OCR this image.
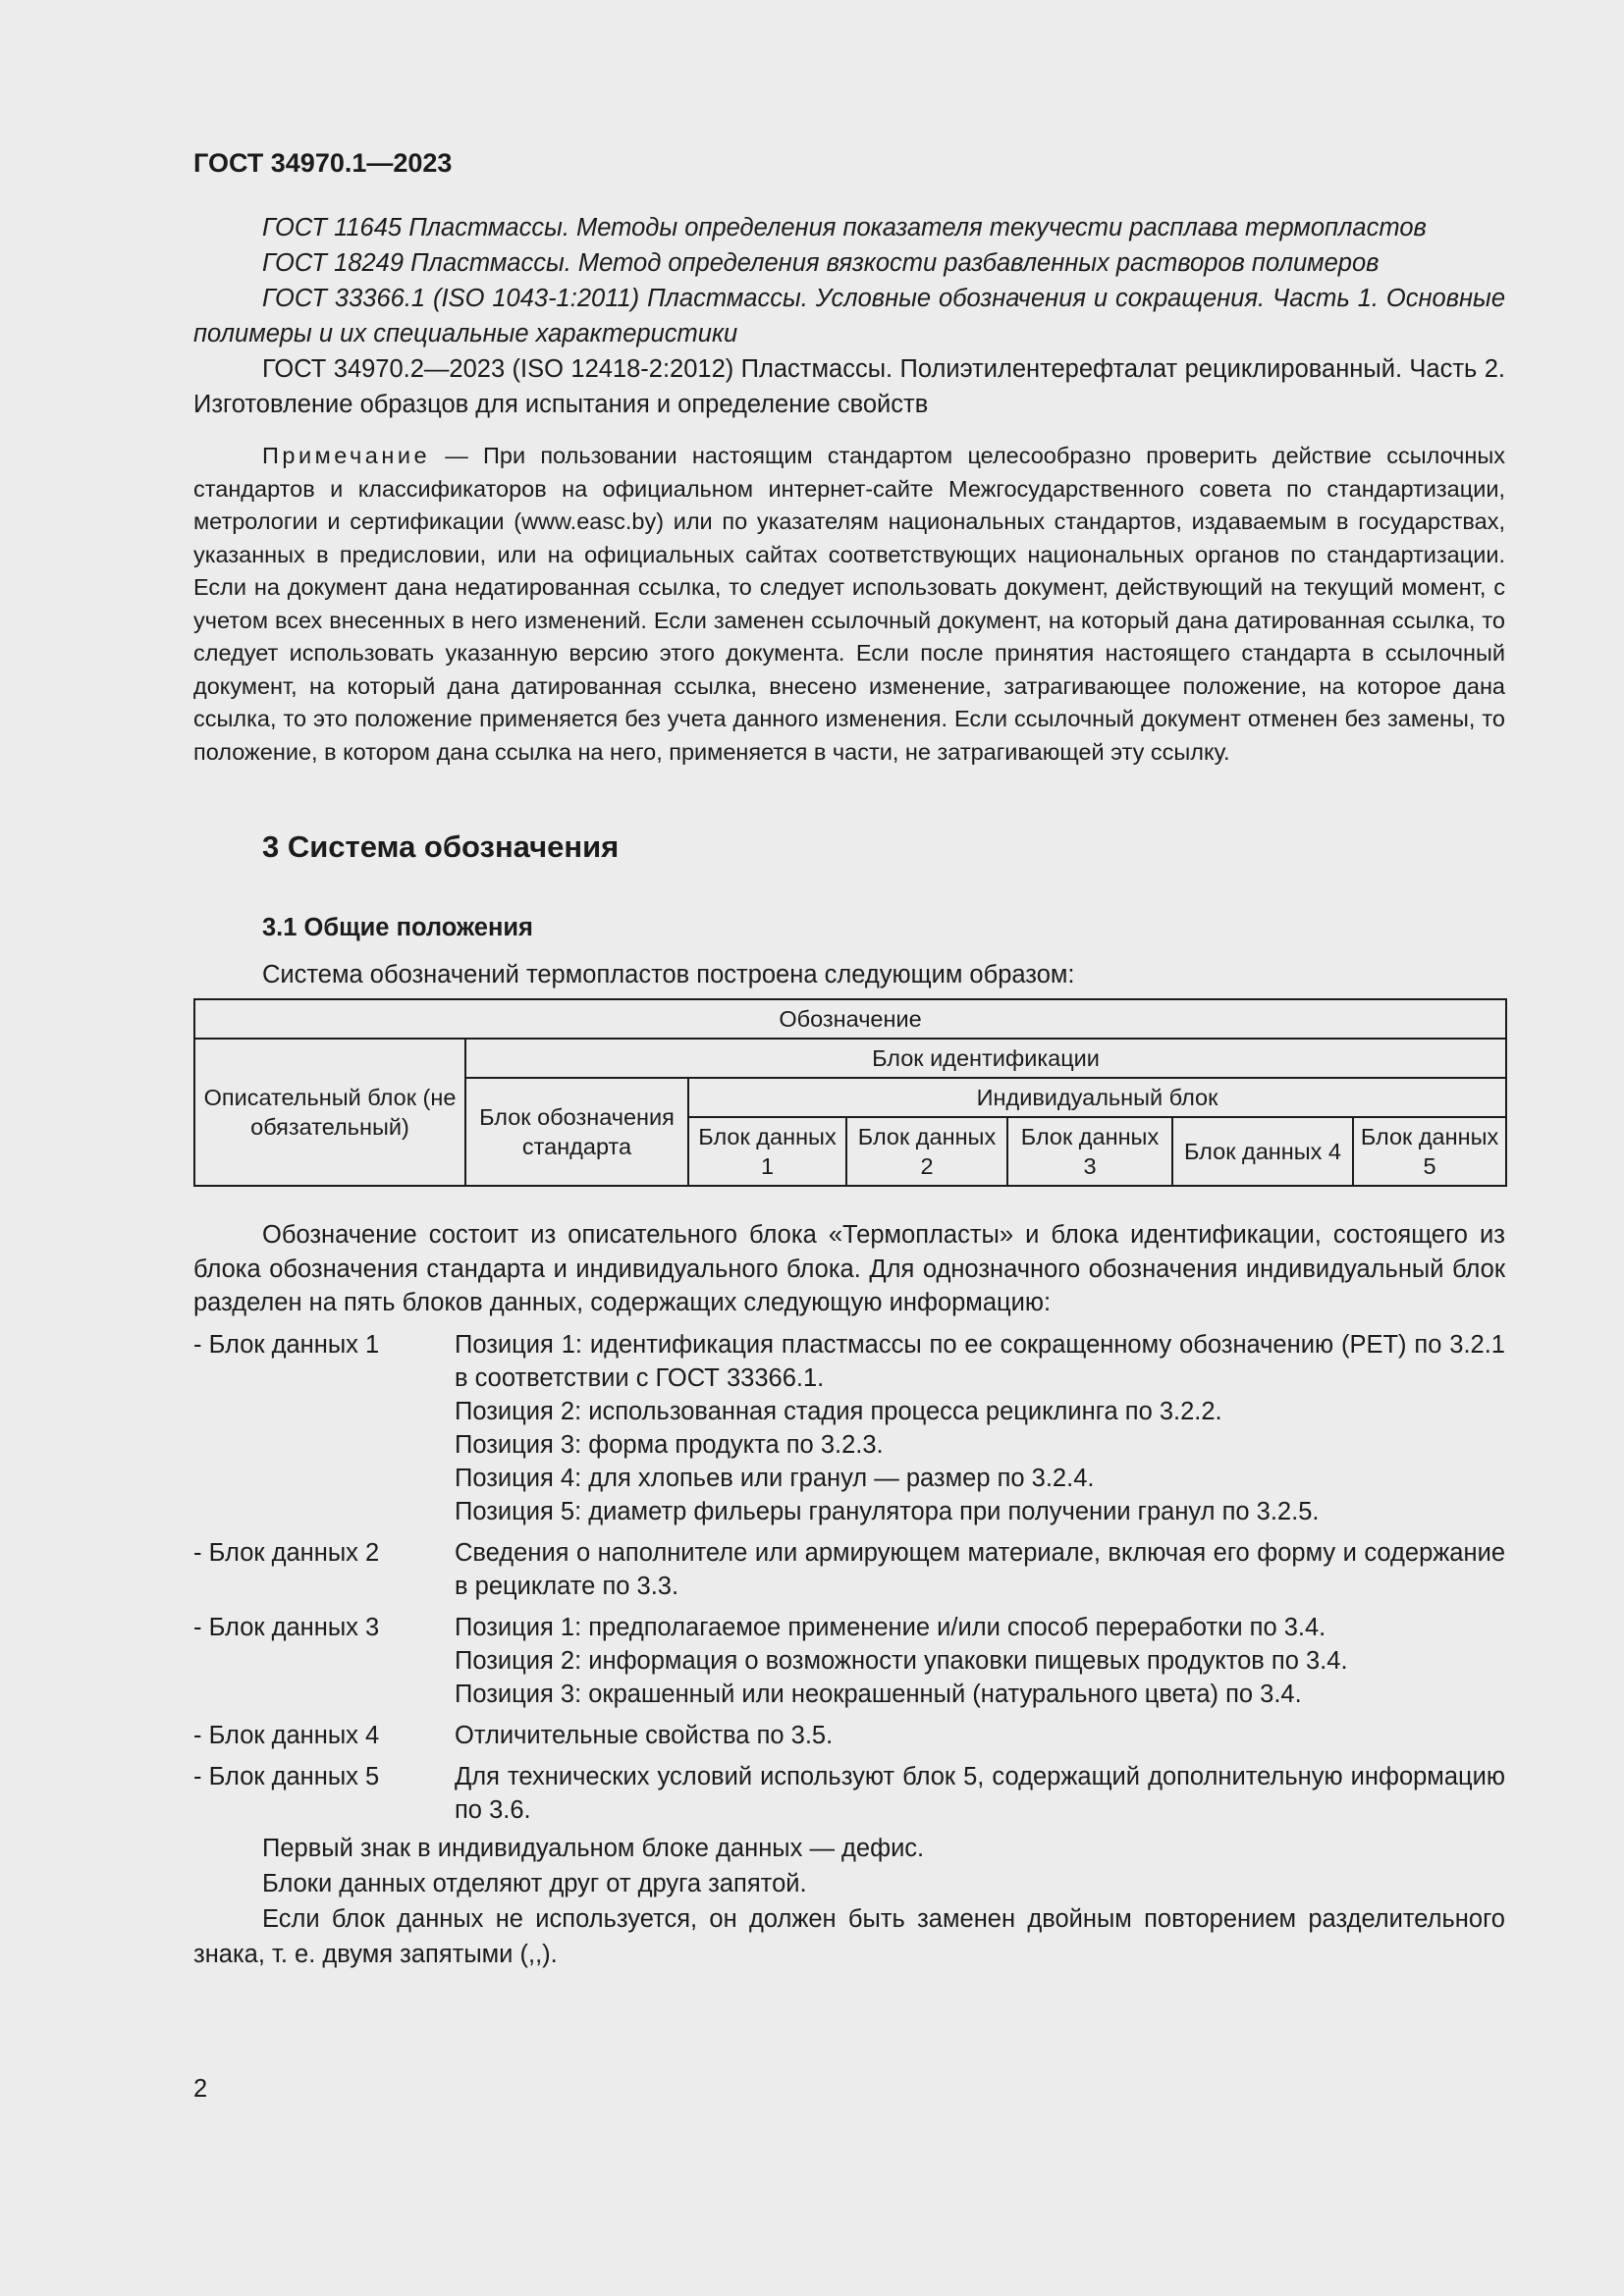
ГОСТ 34970.1—2023

ГОСТ 11645 Пластмассы. Методы определения показателя текучести расплава термопластов

ГОСТ 18249 Пластмассы. Метод определения вязкости разбавленных растворов полимеров

ГОСТ 33366.1 (ISO 1043-1:2011) Пластмассы. Условные обозначения и сокращения. Часть 1. Основные полимеры и их специальные характеристики

ГОСТ 34970.2—2023 (ISO 12418-2:2012) Пластмассы. Полиэтилентерефталат рециклированный. Часть 2. Изготовление образцов для испытания и определение свойств

Примечание — При пользовании настоящим стандартом целесообразно проверить действие ссылочных стандартов и классификаторов на официальном интернет-сайте Межгосударственного совета по стандартизации, метрологии и сертификации (www.easc.by) или по указателям национальных стандартов, издаваемым в государствах, указанных в предисловии, или на официальных сайтах соответствующих национальных органов по стандартизации. Если на документ дана недатированная ссылка, то следует использовать документ, действующий на текущий момент, с учетом всех внесенных в него изменений. Если заменен ссылочный документ, на который дана датированная ссылка, то следует использовать указанную версию этого документа. Если после принятия настоящего стандарта в ссылочный документ, на который дана датированная ссылка, внесено изменение, затрагивающее положение, на которое дана ссылка, то это положение применяется без учета данного изменения. Если ссылочный документ отменен без замены, то положение, в котором дана ссылка на него, применяется в части, не затрагивающей эту ссылку.

3 Система обозначения
3.1 Общие положения
Система обозначений термопластов построена следующим образом:
Обозначение						
Описательный блок (не обязательный)	Блок идентификации					
	Блок обозначения стандарта	Индивидуальный блок				
		Блок данных 1	Блок данных 2	Блок данных 3	Блок данных 4	Блок данных 5

Обозначение состоит из описательного блока «Термопласты» и блока идентификации, состоящего из блока обозначения стандарта и индивидуального блока. Для однозначного обозначения индивидуальный блок разделен на пять блоков данных, содержащих следующую информацию:

- Блок данных 1	Позиция 1: идентификация пластмассы по ее сокращенному обозначению (PET) по 3.2.1 в соответствии с ГОСТ 33366.1.
Позиция 2: использованная стадия процесса рециклинга по 3.2.2.
Позиция 3: форма продукта по 3.2.3.
Позиция 4: для хлопьев или гранул — размер по 3.2.4.
Позиция 5: диаметр фильеры гранулятора при получении гранул по 3.2.5.
- Блок данных 2	Сведения о наполнителе или армирующем материале, включая его форму и содержание в рециклате по 3.3.
- Блок данных 3	Позиция 1: предполагаемое применение и/или способ переработки по 3.4.
Позиция 2: информация о возможности упаковки пищевых продуктов по 3.4.
Позиция 3: окрашенный или неокрашенный (натурального цвета) по 3.4.
- Блок данных 4	Отличительные свойства по 3.5.
- Блок данных 5	Для технических условий используют блок 5, содержащий дополнительную информацию по 3.6.

Первый знак в индивидуальном блоке данных — дефис.

Блоки данных отделяют друг от друга запятой.

Если блок данных не используется, он должен быть заменен двойным повторением разделительного знака, т. е. двумя запятыми (,,).

2
